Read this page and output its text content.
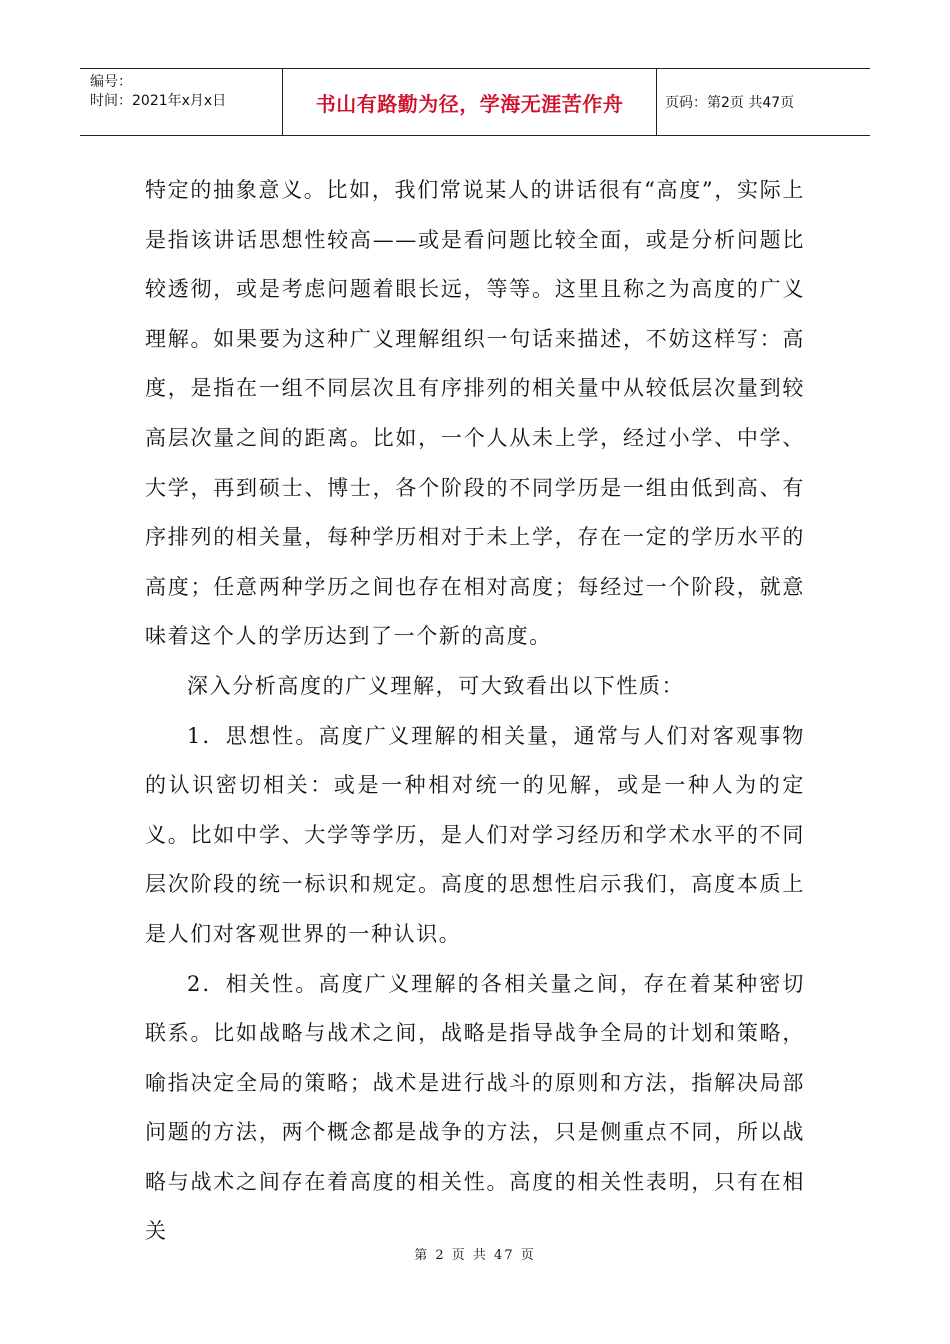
编号：
时间：2021年x月x日	书山有路勤为径，学海无涯苦作舟	页码：第2页 共47页

特定的抽象意义。比如，我们常说某人的讲话很有“高度”，实际上是指该讲话思想性较高——或是看问题比较全面，或是分析问题比较透彻，或是考虑问题着眼长远，等等。这里且称之为高度的广义理解。如果要为这种广义理解组织一句话来描述，不妨这样写：高度，是指在一组不同层次且有序排列的相关量中从较低层次量到较高层次量之间的距离。比如，一个人从未上学，经过小学、中学、大学，再到硕士、博士，各个阶段的不同学历是一组由低到高、有序排列的相关量，每种学历相对于未上学，存在一定的学历水平的高度；任意两种学历之间也存在相对高度；每经过一个阶段，就意味着这个人的学历达到了一个新的高度。

深入分析高度的广义理解，可大致看出以下性质：

1．思想性。高度广义理解的相关量，通常与人们对客观事物的认识密切相关：或是一种相对统一的见解，或是一种人为的定义。比如中学、大学等学历，是人们对学习经历和学术水平的不同层次阶段的统一标识和规定。高度的思想性启示我们，高度本质上是人们对客观世界的一种认识。

2．相关性。高度广义理解的各相关量之间，存在着某种密切联系。比如战略与战术之间，战略是指导战争全局的计划和策略，喻指决定全局的策略；战术是进行战斗的原则和方法，指解决局部问题的方法，两个概念都是战争的方法，只是侧重点不同，所以战略与战术之间存在着高度的相关性。高度的相关性表明，只有在相关

第 2 页 共 47 页
